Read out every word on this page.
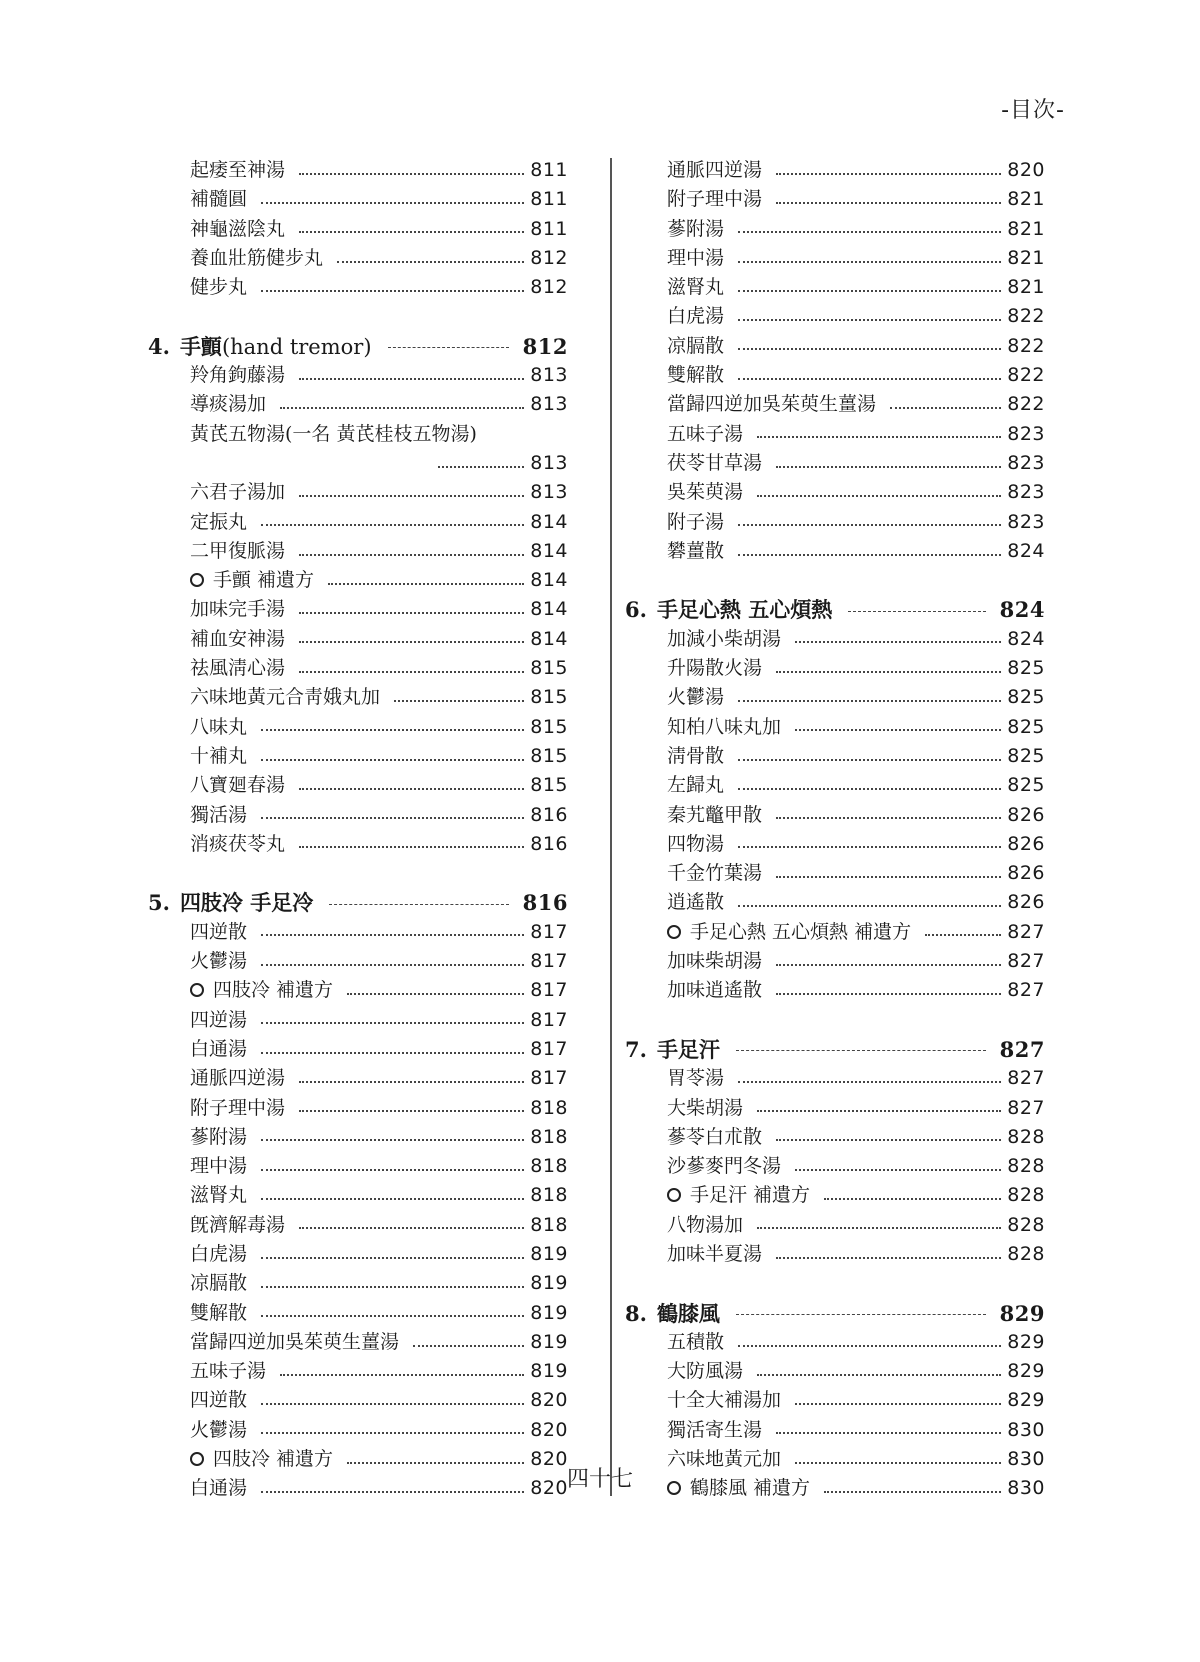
-目次-
起痿至神湯	811
補髓圓	811
神龜滋陰丸	811
養血壯筋健步丸	812
健步丸	812
4. 手顫(hand tremor)	812
羚角鉤藤湯	813
導痰湯加	813
黃芪五物湯(一名 黃芪桂枝五物湯)
813
六君子湯加	813
定振丸	814
二甲復脈湯	814
手顫 補遺方	814
加味完手湯	814
補血安神湯	814
祛風淸心湯	815
六味地黃元合靑娥丸加	815
八味丸	815
十補丸	815
八寶廻春湯	815
獨活湯	816
消痰茯苓丸	816
5. 四肢冷 手足冷	816
四逆散	817
火鬱湯	817
四肢冷 補遺方	817
四逆湯	817
白通湯	817
通脈四逆湯	817
附子理中湯	818
蔘附湯	818
理中湯	818
滋腎丸	818
旣濟解毒湯	818
白虎湯	819
凉膈散	819
雙解散	819
當歸四逆加吳茱萸生薑湯	819
五味子湯	819
四逆散	820
火鬱湯	820
四肢冷 補遺方	820
白通湯	820
通脈四逆湯	820
附子理中湯	821
蔘附湯	821
理中湯	821
滋腎丸	821
白虎湯	822
凉膈散	822
雙解散	822
當歸四逆加吳茱萸生薑湯	822
五味子湯	823
茯苓甘草湯	823
吳茱萸湯	823
附子湯	823
礬薑散	824
6. 手足心熱 五心煩熱	824
加減小柴胡湯	824
升陽散火湯	825
火鬱湯	825
知柏八味丸加	825
淸骨散	825
左歸丸	825
秦艽鼈甲散	826
四物湯	826
千金竹葉湯	826
逍遙散	826
手足心熱 五心煩熱 補遺方	827
加味柴胡湯	827
加味逍遙散	827
7. 手足汗	827
胃苓湯	827
大柴胡湯	827
蔘苓白朮散	828
沙蔘麥門冬湯	828
手足汗 補遺方	828
八物湯加	828
加味半夏湯	828
8. 鶴膝風	829
五積散	829
大防風湯	829
十全大補湯加	829
獨活寄生湯	830
六味地黃元加	830
鶴膝風 補遺方	830
四十七
